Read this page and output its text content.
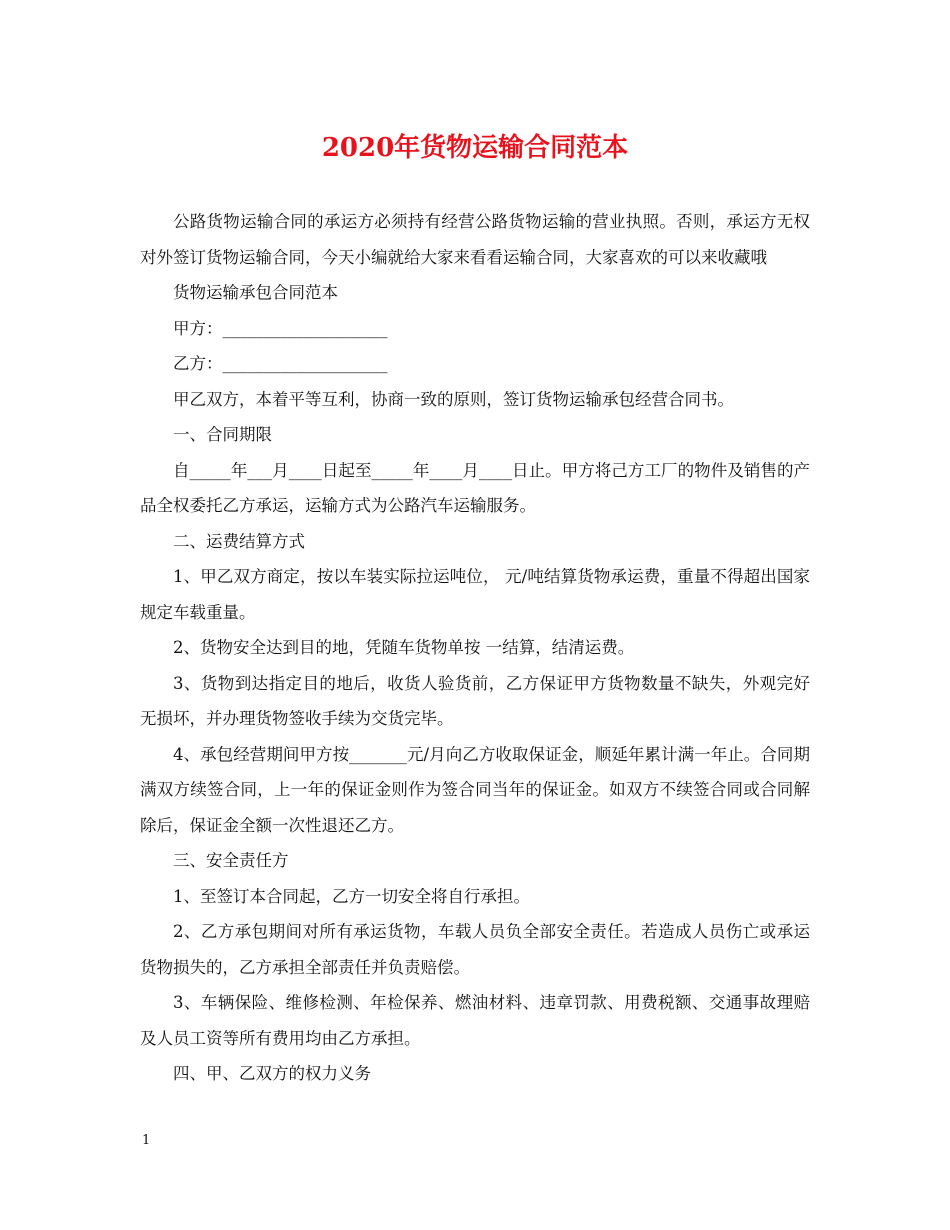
2020年货物运输合同范本

公路货物运输合同的承运方必须持有经营公路货物运输的营业执照。否则，承运方无权对外签订货物运输合同，今天小编就给大家来看看运输合同，大家喜欢的可以来收藏哦

货物运输承包合同范本

甲方：____________________

乙方：____________________

甲乙双方，本着平等互利，协商一致的原则，签订货物运输承包经营合同书。

一、合同期限

自_____年___月____日起至_____年____月____日止。甲方将己方工厂的物件及销售的产品全权委托乙方承运，运输方式为公路汽车运输服务。

二、运费结算方式

1、甲乙双方商定，按以车装实际拉运吨位， 元/吨结算货物承运费，重量不得超出国家规定车载重量。

2、货物安全达到目的地，凭随车货物单按 一结算，结清运费。

3、货物到达指定目的地后，收货人验货前，乙方保证甲方货物数量不缺失，外观完好无损坏，并办理货物签收手续为交货完毕。

4、承包经营期间甲方按_______元/月向乙方收取保证金，顺延年累计满一年止。合同期满双方续签合同，上一年的保证金则作为签合同当年的保证金。如双方不续签合同或合同解除后，保证金全额一次性退还乙方。

三、安全责任方

1、至签订本合同起，乙方一切安全将自行承担。

2、乙方承包期间对所有承运货物，车载人员负全部安全责任。若造成人员伤亡或承运货物损失的，乙方承担全部责任并负责赔偿。

3、车辆保险、维修检测、年检保养、燃油材料、违章罚款、用费税额、交通事故理赔及人员工资等所有费用均由乙方承担。

四、甲、乙双方的权力义务

1
